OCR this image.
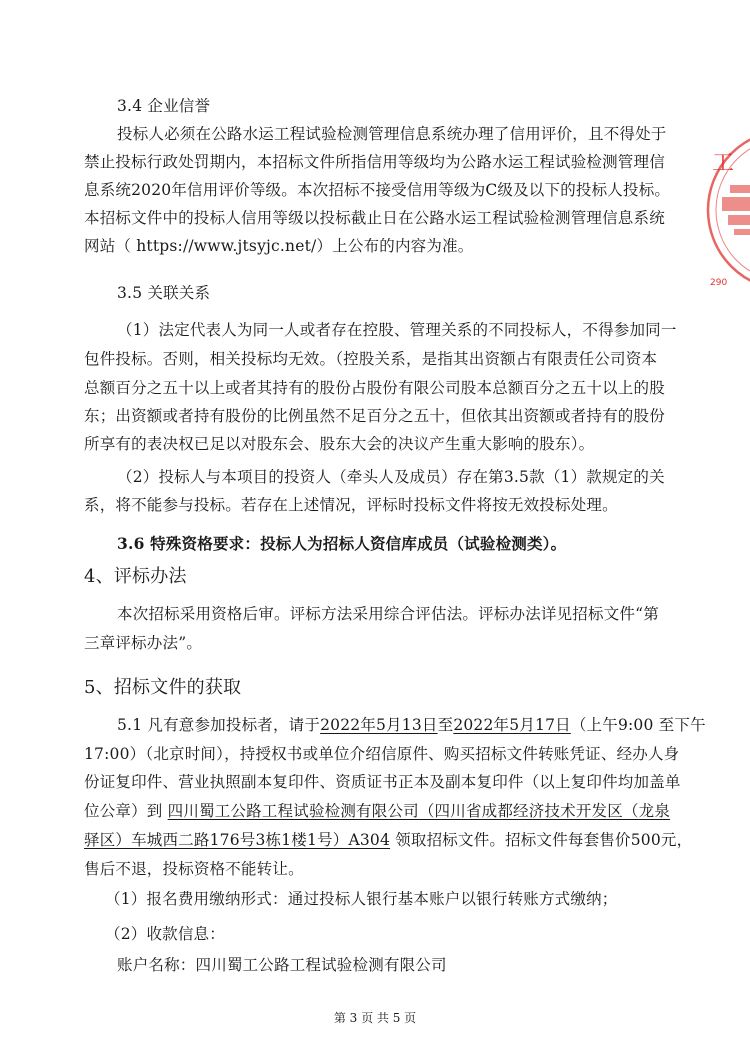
3.4 企业信誉
投标人必须在公路水运工程试验检测管理信息系统办理了信用评价，且不得处于
禁止投标行政处罚期内，本招标文件所指信用等级均为公路水运工程试验检测管理信
息系统2020年信用评价等级。本次招标不接受信用等级为C级及以下的投标人投标。
本招标文件中的投标人信用等级以投标截止日在公路水运工程试验检测管理信息系统
网站（ https://www.jtsyjc.net/）上公布的内容为准。
3.5 关联关系
（1）法定代表人为同一人或者存在控股、管理关系的不同投标人，不得参加同一
包件投标。否则，相关投标均无效。（控股关系，是指其出资额占有限责任公司资本
总额百分之五十以上或者其持有的股份占股份有限公司股本总额百分之五十以上的股
东；出资额或者持有股份的比例虽然不足百分之五十，但依其出资额或者持有的股份
所享有的表决权已足以对股东会、股东大会的决议产生重大影响的股东）。
（2）投标人与本项目的投资人（牵头人及成员）存在第3.5款（1）款规定的关
系，将不能参与投标。若存在上述情况，评标时投标文件将按无效投标处理。
3.6 特殊资格要求：投标人为招标人资信库成员（试验检测类）。
4、评标办法
本次招标采用资格后审。评标方法采用综合评估法。评标办法详见招标文件“第
三章评标办法”。
5、招标文件的获取
5.1 凡有意参加投标者，请于2022年5月13日至2022年5月17日（上午9:00 至下午
17:00）（北京时间），持授权书或单位介绍信原件、购买招标文件转账凭证、经办人身
份证复印件、营业执照副本复印件、资质证书正本及副本复印件（以上复印件均加盖单
位公章）到 四川蜀工公路工程试验检测有限公司（四川省成都经济技术开发区（龙泉
驿区）车城西二路176号3栋1楼1号）A304 领取招标文件。招标文件每套售价500元，
售后不退，投标资格不能转让。
（1）报名费用缴纳形式：通过投标人银行基本账户以银行转账方式缴纳；
（2）收款信息：
账户名称：四川蜀工公路工程试验检测有限公司
第 3 页 共 5 页
工
290
